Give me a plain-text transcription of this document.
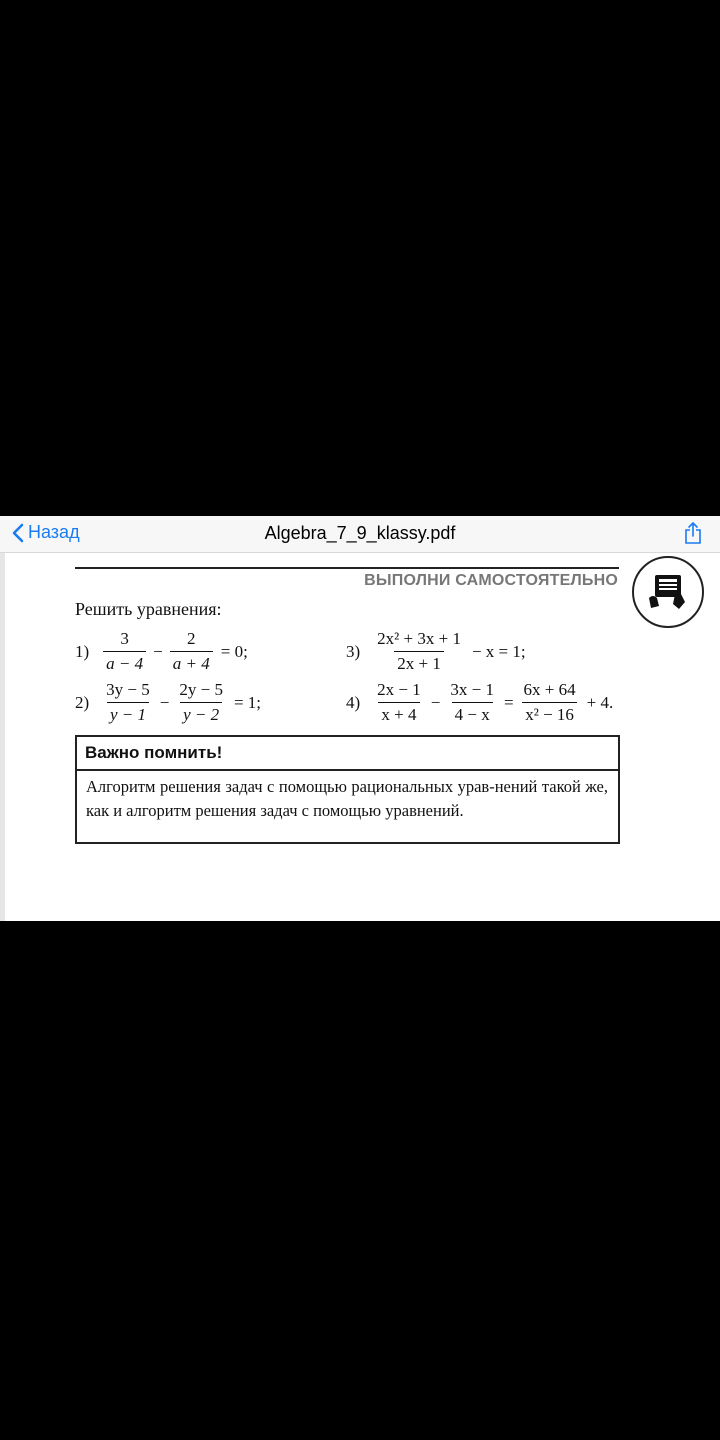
Назад	Algebra_7_9_klassy.pdf
ВЫПОЛНИ САМОСТОЯТЕЛЬНО
Решить уравнения:
$1) \frac{3}{a - 4} - \frac{2}{a + 4} = 0$;
$2) \frac{3y - 5}{y - 1} - \frac{2y - 5}{y - 2} = 1$;
$3) \frac{\text{2x² + 3x + 1}}{2x + 1} - x = 1$;
$4) \frac{2x - 1}{x + 4} - \frac{3x - 1}{4 - x} = \frac{6x + 64}{\text{x² − 16}} + 4$.
Важно помнить!
Алгоритм решения задач с помощью рациональных урав-нений такой же, как и алгоритм решения задач с помощью уравнений.
